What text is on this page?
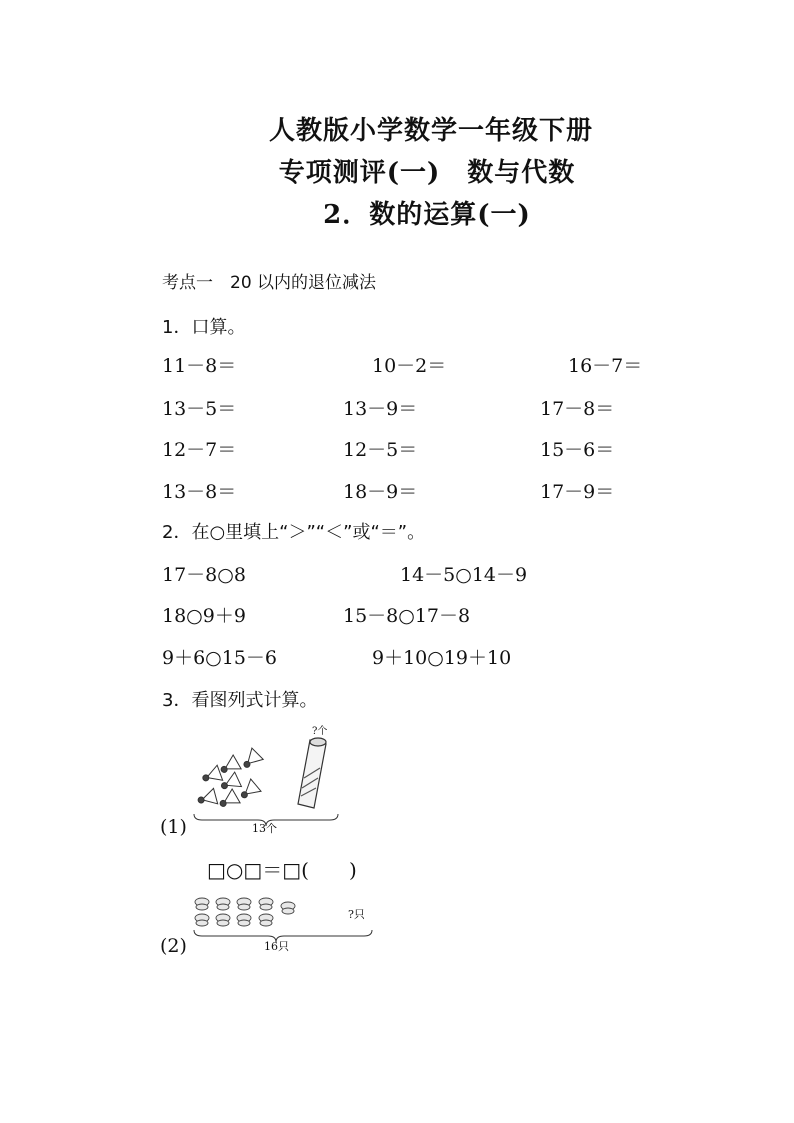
人教版小学数学一年级下册
专项测评(一)　数与代数
2．数的运算(一)
考点一　20 以内的退位减法
1．口算。
11－8＝	10－2＝	16－7＝
13－5＝	13－9＝	17－8＝
12－7＝	12－5＝	15－6＝
13－8＝	18－9＝	17－9＝
2．在○里填上“＞”“＜”或“＝”。
17－8○8	14－5○14－9
18○9＋9	15－8○17－8
9＋6○15－6	9＋10○19＋10
3．看图列式计算。
(1)
?个
13个
□○□＝□(　　)
(2)
?只
16只
